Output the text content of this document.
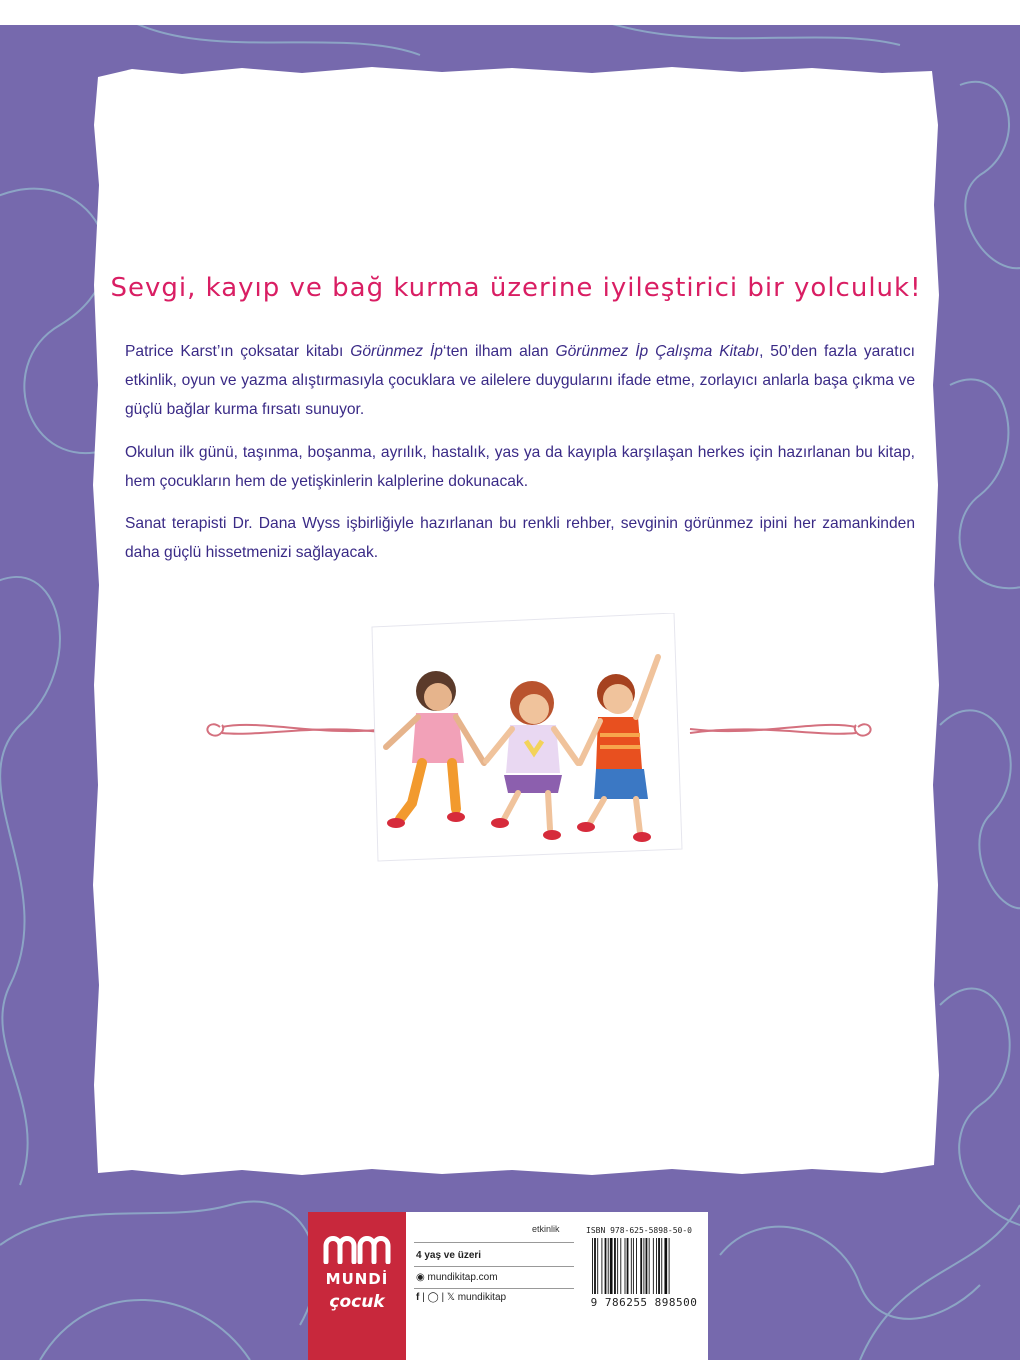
Sevgi, kayıp ve bağ kurma üzerine iyileştirici bir yolculuk!

Patrice Karst’ın çoksatar kitabı Görünmez İp‘ten ilham alan Görünmez İp Çalışma Kitabı, 50’den fazla yaratıcı etkinlik, oyun ve yazma alıştırmasıyla çocuklara ve ailelere duygularını ifade etme, zorlayıcı anlarla başa çıkma ve güçlü bağlar kurma fırsatı sunuyor.

Okulun ilk günü, taşınma, boşanma, ayrılık, hastalık, yas ya da kayıpla karşılaşan herkes için hazırlanan bu kitap, hem çocukların hem de yetişkinlerin kalplerine dokunacak.

Sanat terapisti Dr. Dana Wyss işbirliğiyle hazırlanan bu renkli rehber, sevginin görünmez ipini her zamankinden daha güçlü hissetmenizi sağlayacak.

MUNDİ
çocuk
etkinlik
4 yaş ve üzeri
◉ mundikitap.com
f | ◯ | 𝕏 mundikitap
ISBN 978-625-5898-50-0
9 786255 898500
